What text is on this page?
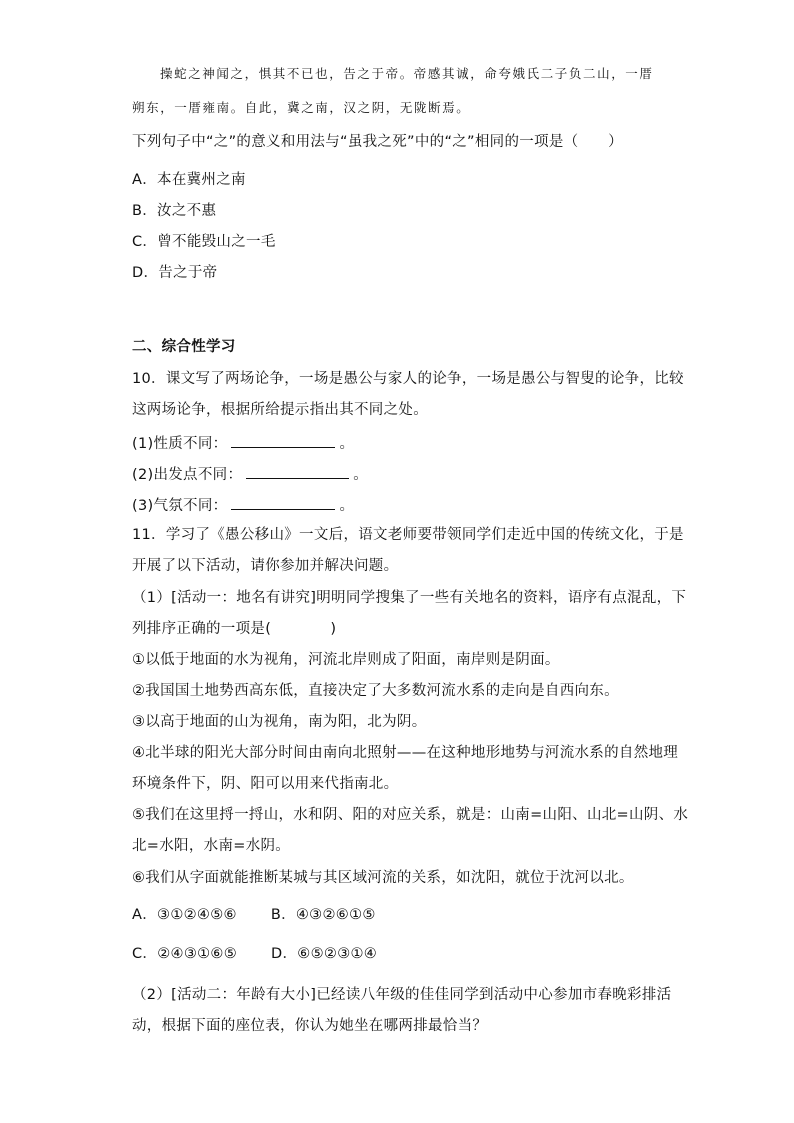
操蛇之神闻之，惧其不已也，告之于帝。帝感其诚，命夸娥氏二子负二山，一厝
朔东，一厝雍南。自此，冀之南，汉之阴，无陇断焉。
下列句子中“之”的意义和用法与“虽我之死”中的“之”相同的一项是（　　）
A．本在冀州之南
B．汝之不惠
C．曾不能毁山之一毛
D．告之于帝
二、综合性学习
10．课文写了两场论争，一场是愚公与家人的论争，一场是愚公与智叟的论争，比较
这两场论争，根据所给提示指出其不同之处。
(1)性质不同：	。
(2)出发点不同：	。
(3)气氛不同：	。
11．学习了《愚公移山》一文后，语文老师要带领同学们走近中国的传统文化，于是
开展了以下活动，请你参加并解决问题。
（1）[活动一：地名有讲究]明明同学搜集了一些有关地名的资料，语序有点混乱，下
列排序正确的一项是(　　　　)
①以低于地面的水为视角，河流北岸则成了阳面，南岸则是阴面。
②我国国土地势西高东低，直接决定了大多数河流水系的走向是自西向东。
③以高于地面的山为视角，南为阳，北为阴。
④北半球的阳光大部分时间由南向北照射——在这种地形地势与河流水系的自然地理
环境条件下，阴、阳可以用来代指南北。
⑤我们在这里捋一捋山，水和阴、阳的对应关系，就是：山南=山阳、山北=山阴、水
北=水阳，水南=水阴。
⑥我们从字面就能推断某城与其区域河流的关系，如沈阳，就位于沈河以北。
A．③①②④⑤⑥ B．④③②⑥①⑤
C．②④③①⑥⑤ D．⑥⑤②③①④
（2）[活动二：年龄有大小]已经读八年级的佳佳同学到活动中心参加市春晚彩排活
动，根据下面的座位表，你认为她坐在哪两排最恰当？
